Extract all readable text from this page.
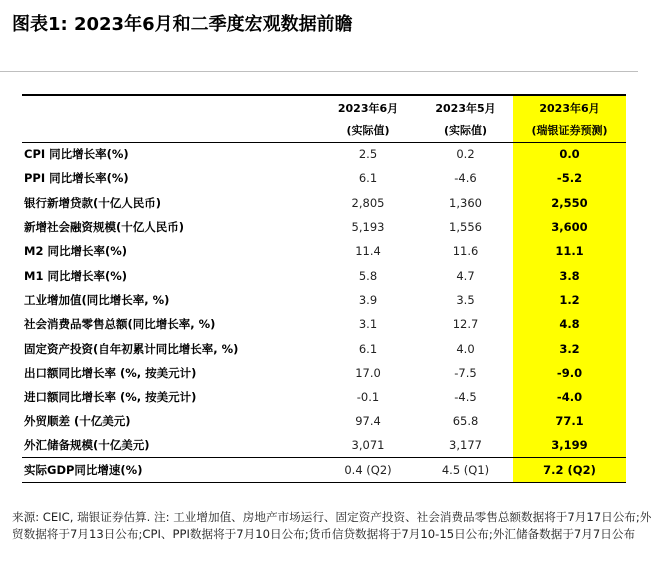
图表1: 2023年6月和二季度宏观数据前瞻

	2023年6月	2023年5月	2023年6月
	(实际值)	(实际值)	(瑞银证券预测)
CPI 同比增长率(%)	2.5	0.2	0.0
PPI 同比增长率(%)	6.1	-4.6	-5.2
银行新增贷款(十亿人民币)	2,805	1,360	2,550
新增社会融资规模(十亿人民币)	5,193	1,556	3,600
M2 同比增长率(%)	11.4	11.6	11.1
M1 同比增长率(%)	5.8	4.7	3.8
工业增加值(同比增长率, %)	3.9	3.5	1.2
社会消费品零售总额(同比增长率, %)	3.1	12.7	4.8
固定资产投资(自年初累计同比增长率, %)	6.1	4.0	3.2
出口额同比增长率 (%, 按美元计)	17.0	-7.5	-9.0
进口额同比增长率 (%, 按美元计)	-0.1	-4.5	-4.0
外贸顺差 (十亿美元)	97.4	65.8	77.1
外汇储备规模(十亿美元)	3,071	3,177	3,199
实际GDP同比增速(%)	0.4 (Q2)	4.5 (Q1)	7.2 (Q2)
来源: CEIC, 瑞银证券估算. 注: 工业增加值、房地产市场运行、固定资产投资、社会消费品零售总额数据将于7月17日公布;外贸数据将于7月13日公布;CPI、PPI数据将于7月10日公布;货币信贷数据将于7月10-15日公布;外汇储备数据于7月7日公布
